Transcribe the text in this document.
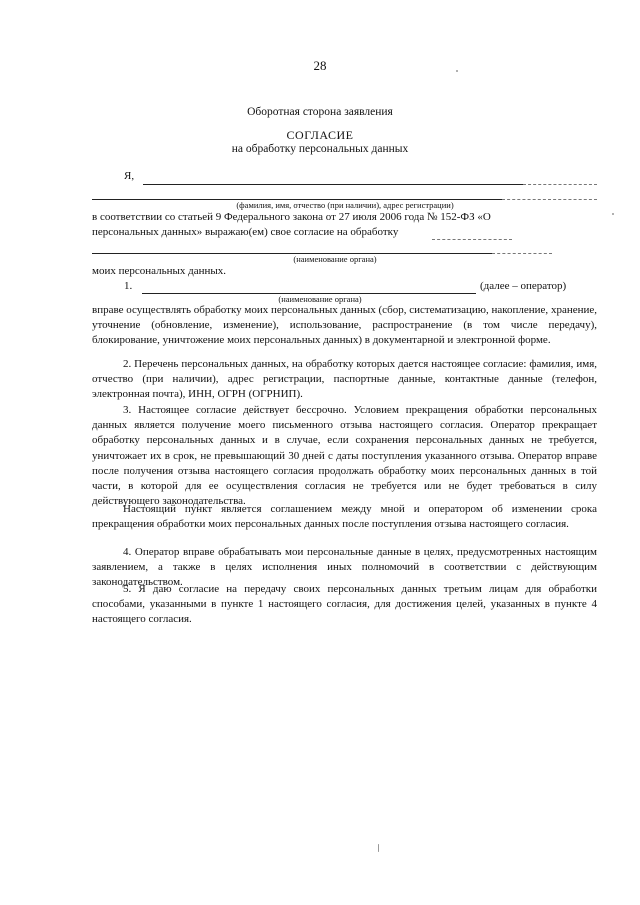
28
Оборотная сторона заявления
СОГЛАСИЕ
на обработку персональных данных
Я,
(фамилия, имя, отчество (при наличии), адрес регистрации)
в соответствии со статьей 9 Федерального закона от 27 июля 2006 года № 152-ФЗ «О
персональных данных» выражаю(ем) свое согласие на обработку
(наименование органа)
моих персональных данных.
1.	(далее – оператор)
(наименование органа)
вправе осуществлять обработку моих персональных данных (сбор, систематизацию, накопление, хранение, уточнение (обновление, изменение), использование, распространение (в том числе передачу), блокирование, уничтожение моих персональных данных) в документарной и электронной форме.
2. Перечень персональных данных, на обработку которых дается настоящее согласие: фамилия, имя, отчество (при наличии), адрес регистрации, паспортные данные, контактные данные (телефон, электронная почта), ИНН, ОГРН (ОГРНИП).
3. Настоящее согласие действует бессрочно. Условием прекращения обработки персональных данных является получение моего письменного отзыва настоящего согласия. Оператор прекращает обработку персональных данных и в случае, если сохранения персональных данных не требуется, уничтожает их в срок, не превышающий 30 дней с даты поступления указанного отзыва. Оператор вправе после получения отзыва настоящего согласия продолжать обработку моих персональных данных в той части, в которой для ее осуществления согласия не требуется или не будет требоваться в силу действующего законодательства.
Настоящий пункт является соглашением между мной и оператором об изменении срока прекращения обработки моих персональных данных после поступления отзыва настоящего согласия.
4. Оператор вправе обрабатывать мои персональные данные в целях, предусмотренных настоящим заявлением, а также в целях исполнения иных полномочий в соответствии с действующим законодательством.
5. Я даю согласие на передачу своих персональных данных третьим лицам для обработки способами, указанными в пункте 1 настоящего согласия, для достижения целей, указанных в пункте 4 настоящего согласия.
